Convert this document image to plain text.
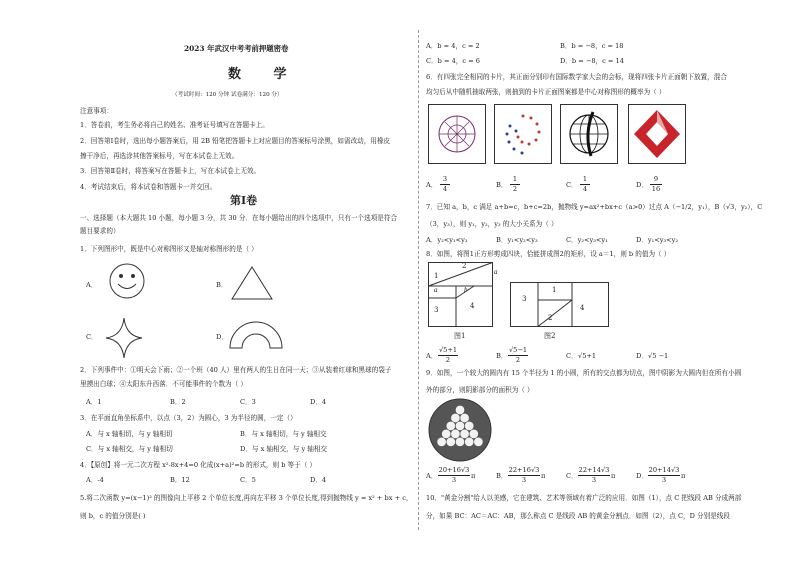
2023 年武汉中考考前押题密卷
数 学
（考试时间：120 分钟 试卷满分：120 分）
注意事项：
1．答卷前，考生务必将自己的姓名、准考证号填写在答题卡上。
2．回答第Ⅰ卷时，选出每小题答案后，用 2B 铅笔把答题卡上对应题目的答案标号涂黑，如需改动，用橡皮
擦干净后，再选涂其他答案标号，写在本试卷上无效。
3．回答第Ⅱ卷时，将答案写在答题卡上，写在本试卷上无效。
4．考试结束后，将本试卷和答题卡一并交回。
第Ⅰ卷
一、选择题（本大题共 10 小题，每小题 3 分，共 30 分．在每小题给出的四个选项中，只有一个选项是符合
题目要求的）
1．下列图形中，既是中心对称图形又是轴对称图形的是（ ）
A．	B．
C．	D．
2．下列事件中：①明天会下雨；②一个班（40 人）里有两人的生日在同一天；③从装着红球和黑球的袋子
里摸出白球；④太阳东升西落．不可能事件的个数为（ ）
A．1	B．2	C．3	D．4
3．在平面直角坐标系中，以点（3，2）为圆心，3 为半径的圆，一定（）
A．与 x 轴相切，与 y 轴相切	B．与 x 轴相切，与 y 轴相交
C．与 x 轴相交，与 y 轴相切	D．与 x 轴相交，与 y 轴相交
4．【原创】将一元二次方程 x²-8x+4=0 化成(x+a)²=b 的形式，则 b 等于（ ）
A．-4	B．12	C．5	D．4
5.将二次函数 y=(x−1)² 的图像向上平移 2 个单位长度,再向左平移 3 个单位长度,得到抛物线 y = x² + bx + c，
则 b，c 的值分别是( )
A．b = 4，c = 2	B．b = −8，c = 18
C．b = 4，c = 6	D．b = −8，c = 14
6．有四张完全相同的卡片，其正面分别印有国际数学家大会的会标，现将四张卡片正面朝下放置，混合
均匀后从中随机抽取两张，则抽到的卡片正面图案都是中心对称图形的概率为（ ）
A．	B．	C．	D．
$\frac{3}{4}$	$\frac{1}{2}$	$\frac{1}{4}$	$\frac{9}{16}$
7．已知 a，b，c 满足 a+b=c，b+c=2b，抛物线 y=ax²+bx+c（a>0）过点 A（−1/2，y₁），B（√3，y₂），C
（3，y₃），则 y₁，y₂，y₃ 的大小关系为（ ）
A．y₂<y₁<y₃	B．y₁<y₂<y₃	C．y₂<y₃<y₁	D．y₁<y₃<y₂
8．如图，将图1正方形剪成四块，恰能拼成图2的矩形，设 a＝1，则 b 的值为（ ）
2
1	a
a	b
3	4
图1
3
1
2
4
图2
A．	B．	C．	D．
$\frac{√5+1}{2}$	$\frac{√5-1}{2}$	√5+1	√5 −1
9．如图，一个较大的圆内有 15 个半径为 1 的小圆，所有的交点都为切点，图中阴影为大圆内但在所有小圆
外的部分，则阴影部分的面积为（ ）
A．	B．	C．	D．
$\frac{20+16√3}{3}$ π	$\frac{22+16√3}{3}$ π	$\frac{22+14√3}{3}$ π	$\frac{20+14√3}{3}$ π
10．"黄金分割"给人以美感，它在建筑、艺术等领域有着广泛的应用．如图（1），点 C 把线段 AB 分成两部
分，如果 BC：AC＝AC：AB，那么称点 C 是线段 AB 的黄金分割点．如图（2），点 C，D 分别是线段
